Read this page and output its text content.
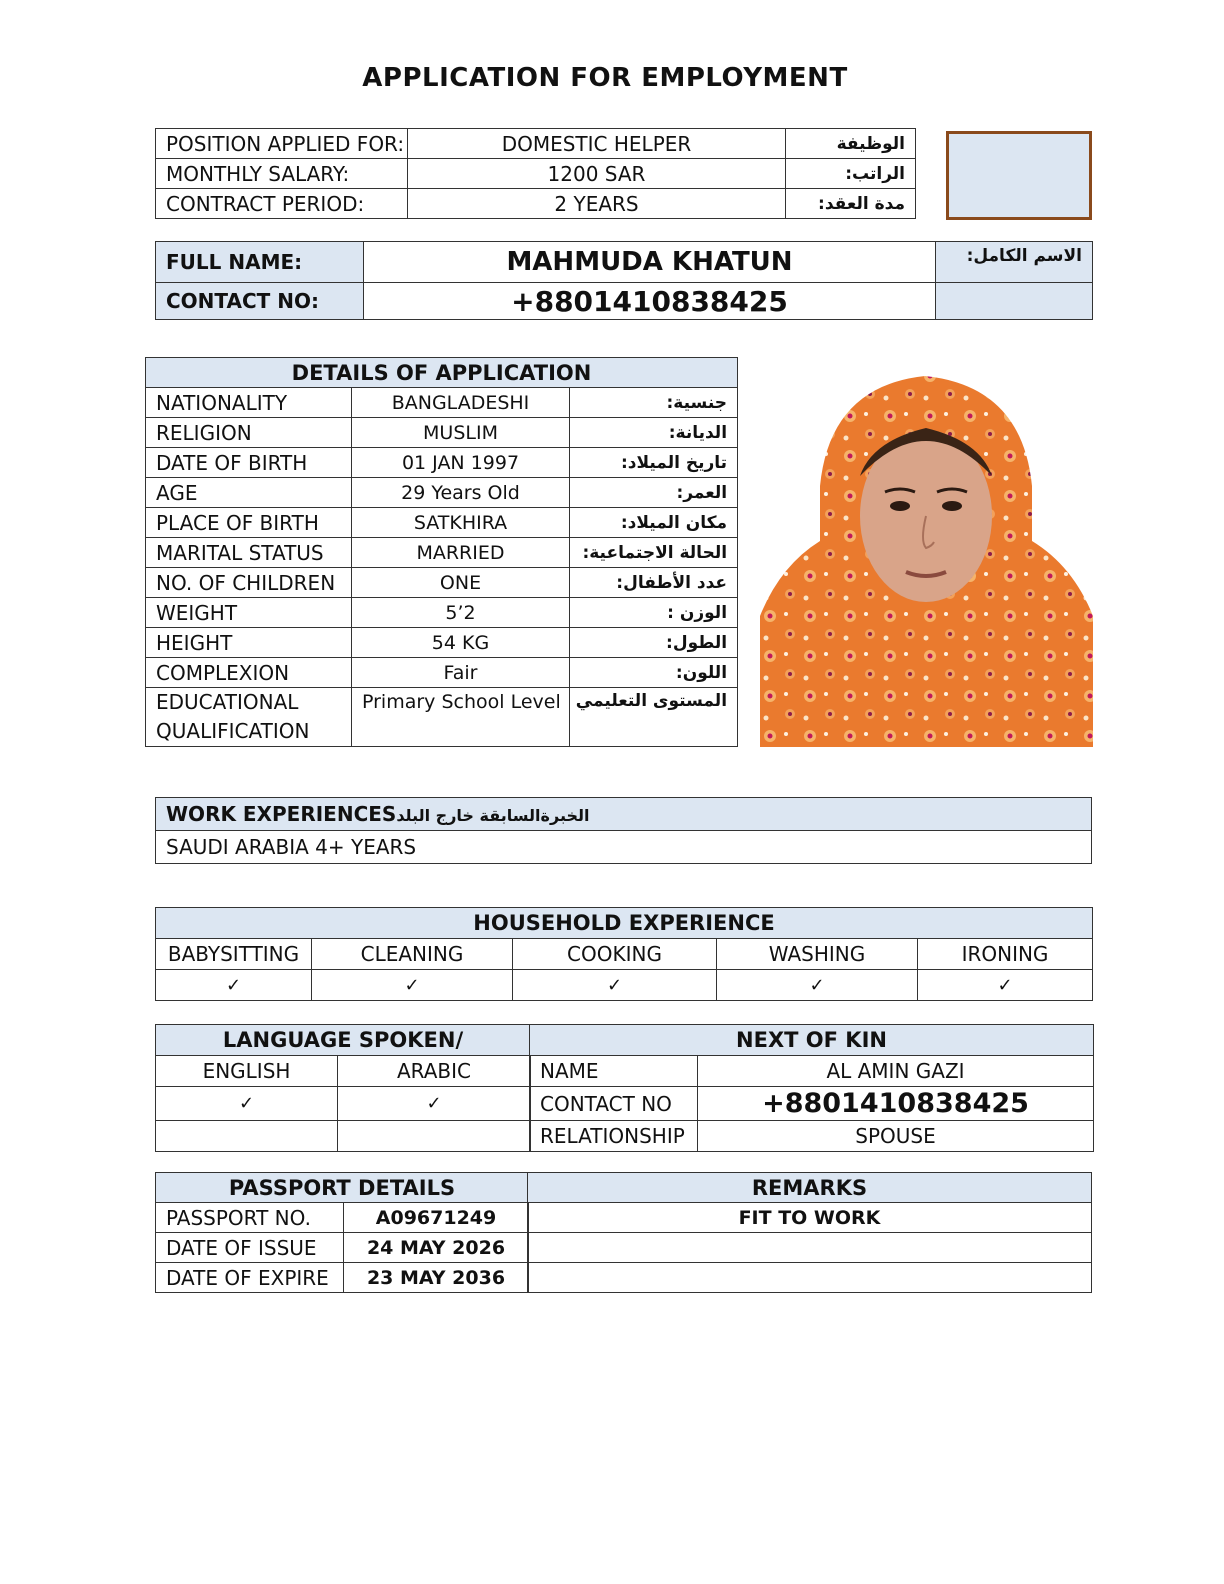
APPLICATION FOR EMPLOYMENT
POSITION APPLIED FOR:	DOMESTIC HELPER	الوظيفة
MONTHLY SALARY:	1200 SAR	الراتب:
CONTRACT PERIOD:	2 YEARS	مدة العقد:
FULL NAME:	MAHMUDA KHATUN	الاسم الكامل:
CONTACT NO:	+8801410838425	
DETAILS OF APPLICATION		
NATIONALITY	BANGLADESHI	جنسية:
RELIGION	MUSLIM	الديانة:
DATE OF BIRTH	01 JAN 1997	تاريخ الميلاد:
AGE	29 Years Old	العمر:
PLACE OF BIRTH	SATKHIRA	مكان الميلاد:
MARITAL STATUS	MARRIED	الحالة الاجتماعية:
NO. OF CHILDREN	ONE	عدد الأطفال:
WEIGHT	5’2	الوزن :
HEIGHT	54 KG	الطول:
COMPLEXION	Fair	اللون:

EDUCATIONAL
QUALIFICATION	Primary School Level	المستوى التعليمي
WORK EXPERIENCESالخبرةالسابقة خارج البلد
SAUDI ARABIA 4+ YEARS
HOUSEHOLD EXPERIENCE				
BABYSITTING	CLEANING	COOKING	WASHING	IRONING
✓	✓	✓	✓	✓
LANGUAGE SPOKEN/	
ENGLISH	ARABIC
✓	✓

NEXT OF KIN	
NAME	AL AMIN GAZI
CONTACT NO	+8801410838425
RELATIONSHIP	SPOUSE
PASSPORT DETAILS	
PASSPORT NO.	A09671249
DATE OF ISSUE	24 MAY 2026
DATE OF EXPIRE	23 MAY 2036
REMARKS
FIT TO WORK
